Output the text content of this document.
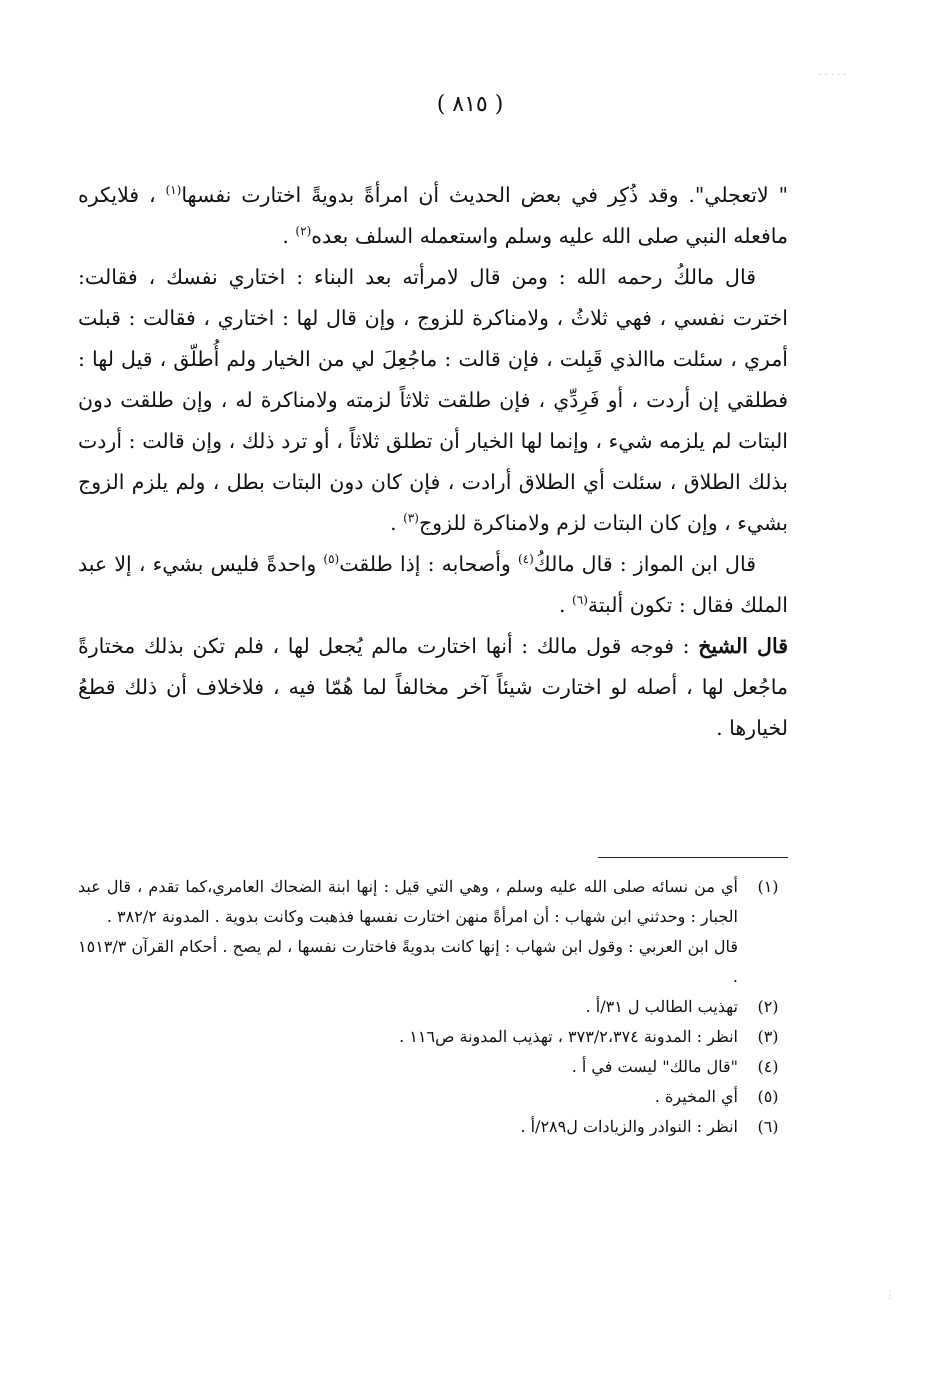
( ٨١٥ )

" لاتعجلي". وقد ذُكِر في بعض الحديث أن امرأةً بدويةً اختارت نفسها$^{(١)}$ ، فلايكره مافعله النبي صلى الله عليه وسلم واستعمله السلف بعده$^{(٢)}$ .

قال مالكُ رحمه الله : ومن قال لامرأته بعد البناء : اختاري نفسك ، فقالت: اخترت نفسي ، فهي ثلاثُ ، ولامناكرة للزوج ، وإن قال لها : اختاري ، فقالت : قبلت أمري ، سئلت ماالذي قَبِلت ، فإن قالت : ماجُعِلَ لي من الخيار ولم أُطلّق ، قيل لها : فطلقي إن أردت ، أو فَرِدِّي ، فإن طلقت ثلاثاً لزمته ولامناكرة له ، وإن طلقت دون البتات لم يلزمه شيء ، وإنما لها الخيار أن تطلق ثلاثاً ، أو ترد ذلك ، وإن قالت : أردت بذلك الطلاق ، سئلت أي الطلاق أرادت ، فإن كان دون البتات بطل ، ولم يلزم الزوج بشيء ، وإن كان البتات لزم ولامناكرة للزوج$^{(٣)}$ .

قال ابن المواز : قال مالكُ$^{(٤)}$ وأصحابه : إذا طلقت$^{(٥)}$ واحدةً فليس بشيء ، إلا عبد الملك فقال : تكون ألبتة$^{(٦)}$ .

قال الشيخ : فوجه قول مالك : أنها اختارت مالم يُجعل لها ، فلم تكن بذلك مختارةً ماجُعل لها ، أصله لو اختارت شيئاً آخر مخالفاً لما هُمّا فيه ، فلاخلاف أن ذلك قطعُ لخيارها .

(١)
أي من نسائه صلى الله عليه وسلم ، وهي التي قيل : إنها ابنة الضحاك العامري،كما تقدم ، قال عبد الجبار : وحدثني ابن شهاب : أن امرأةً منهن اختارت نفسها فذهبت وكانت بدوية . المدونة ٣٨٢/٢ .
قال ابن العربي : وقول ابن شهاب : إنها كانت بدويةً فاختارت نفسها ، لم يصح . أحكام القرآن ١٥١٣/٣ .
(٢)
تهذيب الطالب ل ٣١/أ .
(٣)
انظر : المدونة ٣٧٣/٢،٣٧٤ ، تهذيب المدونة ص١١٦ .
(٤)
"قال مالك" ليست في أ .
(٥)
أي المخيرة .
(٦)
انظر : النوادر والزيادات ل٢٨٩/أ .
· · · · ·
⋮
